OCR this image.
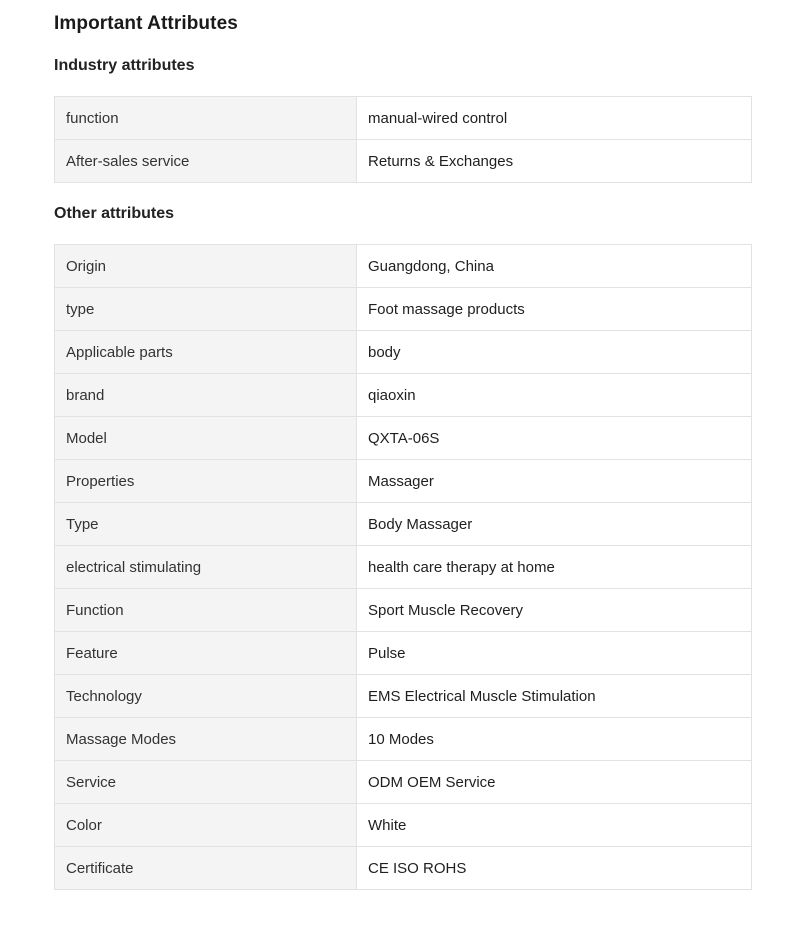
Important Attributes
Industry attributes
function	manual-wired control
After-sales service	Returns & Exchanges
Other attributes
Origin	Guangdong, China
type	Foot massage products
Applicable parts	body
brand	qiaoxin
Model	QXTA-06S
Properties	Massager
Type	Body Massager
electrical stimulating	health care therapy at home
Function	Sport Muscle Recovery
Feature	Pulse
Technology	EMS Electrical Muscle Stimulation
Massage Modes	10 Modes
Service	ODM OEM Service
Color	White
Certificate	CE ISO ROHS
